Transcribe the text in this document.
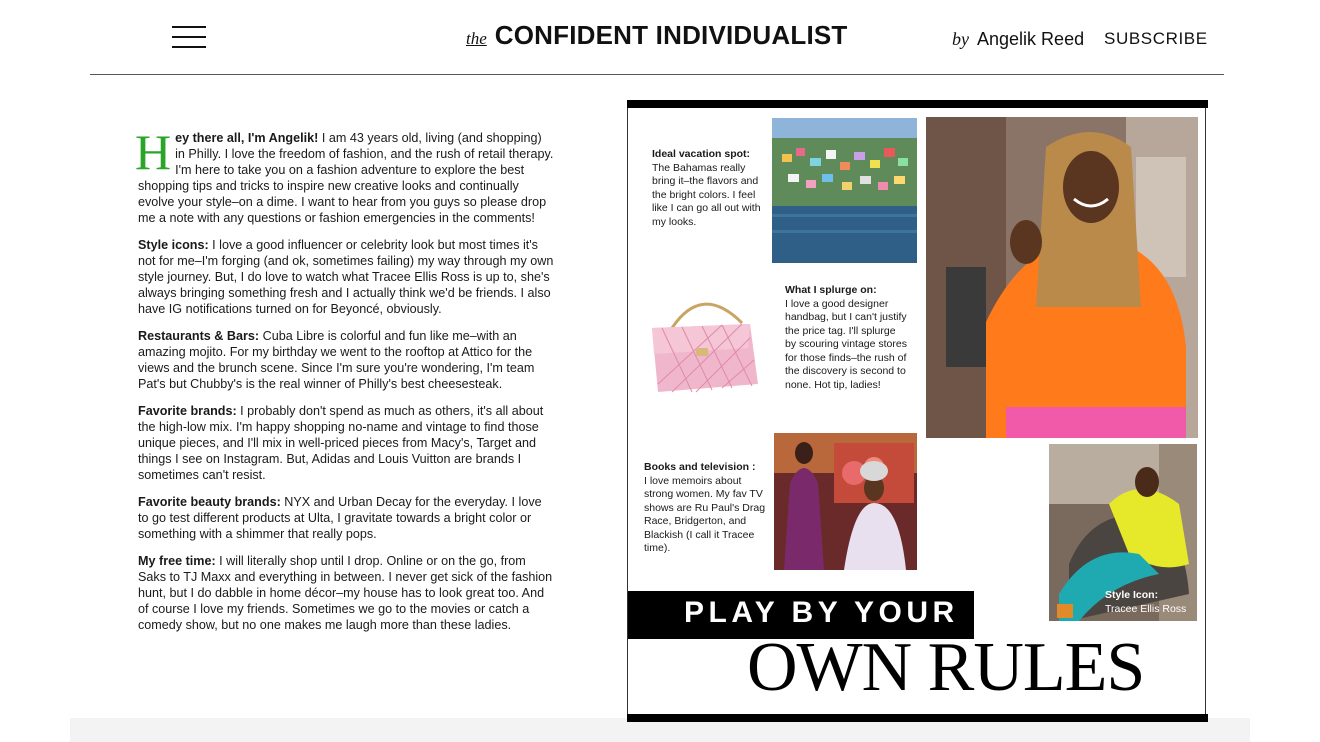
the CONFIDENT INDIVIDUALIST	by Angelik Reed SUBSCRIBE

Hey there all, I'm Angelik! I am 43 years old, living (and shopping) in Philly. I love the freedom of fashion, and the rush of retail therapy. I'm here to take you on a fashion adventure to explore the best shopping tips and tricks to inspire new creative looks and continually evolve your style–on a dime. I want to hear from you guys so please drop me a note with any questions or fashion emergencies in the comments!

Style icons: I love a good influencer or celebrity look but most times it's not for me–I'm forging (and ok, sometimes failing) my way through my own style journey. But, I do love to watch what Tracee Ellis Ross is up to, she's always bringing something fresh and I actually think we'd be friends. I also have IG notifications turned on for Beyoncé, obviously.

Restaurants & Bars: Cuba Libre is colorful and fun like me–with an amazing mojito. For my birthday we went to the rooftop at Attico for the views and the brunch scene. Since I'm sure you're wondering, I'm team Pat's but Chubby's is the real winner of Philly's best cheesesteak.

Favorite brands: I probably don't spend as much as others, it's all about the high-low mix. I'm happy shopping no-name and vintage to find those unique pieces, and I'll mix in well-priced pieces from Macy's, Target and things I see on Instagram. But, Adidas and Louis Vuitton are brands I sometimes can't resist.

Favorite beauty brands: NYX and Urban Decay for the everyday. I love to go test different products at Ulta, I gravitate towards a bright color or something with a shimmer that really pops.

My free time: I will literally shop until I drop. Online or on the go, from Saks to TJ Maxx and everything in between. I never get sick of the fashion hunt, but I do dabble in home décor–my house has to look great too. And of course I love my friends. Sometimes we go to the movies or catch a comedy show, but no one makes me laugh more than these ladies.

Ideal vacation spot:
The Bahamas really bring it–the flavors and the bright colors. I feel like I can go all out with my looks.
What I splurge on:
I love a good designer handbag, but I can't justify the price tag. I'll splurge by scouring vintage stores for those finds–the rush of the discovery is second to none. Hot tip, ladies!
Books and television :
I love memoirs about strong women. My fav TV shows are Ru Paul's Drag Race, Bridgerton, and Blackish (I call it Tracee time).
Style Icon:
Tracee Ellis Ross
PLAY BY YOUR
OWN RULES
